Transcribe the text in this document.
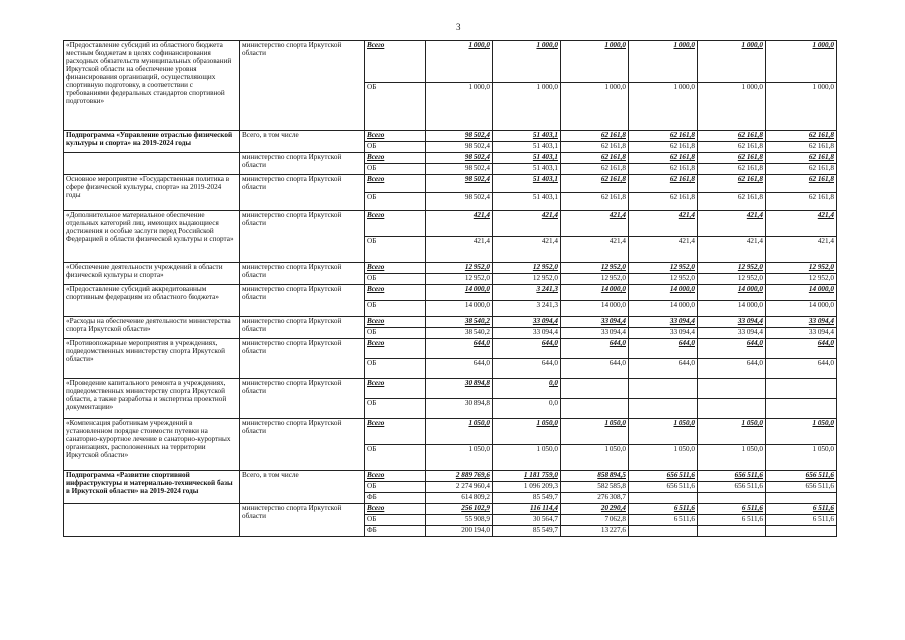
3
«Предоставление субсидий из областного бюджета местным бюджетам в целях софинансирования расходных обязательств муниципальных образований Иркутской области на обеспечение уровня финансирования организаций, осуществляющих спортивную подготовку, в соответствии с требованиями федеральных стандартов спортивной подготовки»	министерство спорта Иркутской области	Всего	1 000,0	1 000,0	1 000,0	1 000,0	1 000,0	1 000,0
		ОБ	1 000,0	1 000,0	1 000,0	1 000,0	1 000,0	1 000,0
Подпрограмма «Управление отраслью физической культуры и спорта» на 2019-2024 годы	Всего, в том числе	Всего	98 502,4	51 403,1	62 161,8	62 161,8	62 161,8	62 161,8
		ОБ	98 502,4	51 403,1	62 161,8	62 161,8	62 161,8	62 161,8
	министерство спорта Иркутской области	Всего	98 502,4	51 403,1	62 161,8	62 161,8	62 161,8	62 161,8
		ОБ	98 502,4	51 403,1	62 161,8	62 161,8	62 161,8	62 161,8
Основное мероприятие «Государственная политика в сфере физической культуры, спорта» на 2019-2024 годы	министерство спорта Иркутской области	Всего	98 502,4	51 403,1	62 161,8	62 161,8	62 161,8	62 161,8
		ОБ	98 502,4	51 403,1	62 161,8	62 161,8	62 161,8	62 161,8
«Дополнительное материальное обеспечение отдельных категорий лиц, имеющих выдающиеся достижения и особые заслуги перед Российской Федерацией в области физической культуры и спорта»	министерство спорта Иркутской области	Всего	421,4	421,4	421,4	421,4	421,4	421,4
		ОБ	421,4	421,4	421,4	421,4	421,4	421,4
«Обеспечение деятельности учреждений в области физической культуры и спорта»	министерство спорта Иркутской области	Всего	12 952,0	12 952,0	12 952,0	12 952,0	12 952,0	12 952,0
		ОБ	12 952,0	12 952,0	12 952,0	12 952,0	12 952,0	12 952,0
«Предоставление субсидий аккредитованным спортивным федерациям из областного бюджета»	министерство спорта Иркутской области	Всего	14 000,0	3 241,3	14 000,0	14 000,0	14 000,0	14 000,0
		ОБ	14 000,0	3 241,3	14 000,0	14 000,0	14 000,0	14 000,0
«Расходы на обеспечение деятельности министерства спорта Иркутской области»	министерство спорта Иркутской области	Всего	38 540,2	33 094,4	33 094,4	33 094,4	33 094,4	33 094,4
		ОБ	38 540,2	33 094,4	33 094,4	33 094,4	33 094,4	33 094,4
«Противопожарные мероприятия в учреждениях, подведомственных министерству спорта Иркутской области»	министерство спорта Иркутской области	Всего	644,0	644,0	644,0	644,0	644,0	644,0
		ОБ	644,0	644,0	644,0	644,0	644,0	644,0
«Проведение капитального ремонта в учреждениях, подведомственных министерству спорта Иркутской области, а также разработка и экспертиза проектной документации»	министерство спорта Иркутской области	Всего	30 894,8	0,0				
		ОБ	30 894,8	0,0				
«Компенсация работникам учреждений в установленном порядке стоимости путевки на санаторно-курортное лечение в санаторно-курортных организациях, расположенных на территории Иркутской области»	министерство спорта Иркутской области	Всего	1 050,0	1 050,0	1 050,0	1 050,0	1 050,0	1 050,0
		ОБ	1 050,0	1 050,0	1 050,0	1 050,0	1 050,0	1 050,0
Подпрограмма «Развитие спортивной инфраструктуры и материально-технической базы в Иркутской области» на 2019-2024 годы	Всего, в том числе	Всего	2 889 769,6	1 181 759,0	858 894,5	656 511,6	656 511,6	656 511,6
		ОБ	2 274 960,4	1 096 209,3	582 585,8	656 511,6	656 511,6	656 511,6
		ФБ	614 809,2	85 549,7	276 308,7			
	министерство спорта Иркутской области	Всего	256 102,9	116 114,4	20 290,4	6 511,6	6 511,6	6 511,6
		ОБ	55 908,9	30 564,7	7 062,8	6 511,6	6 511,6	6 511,6
		ФБ	200 194,0	85 549,7	13 227,6			
